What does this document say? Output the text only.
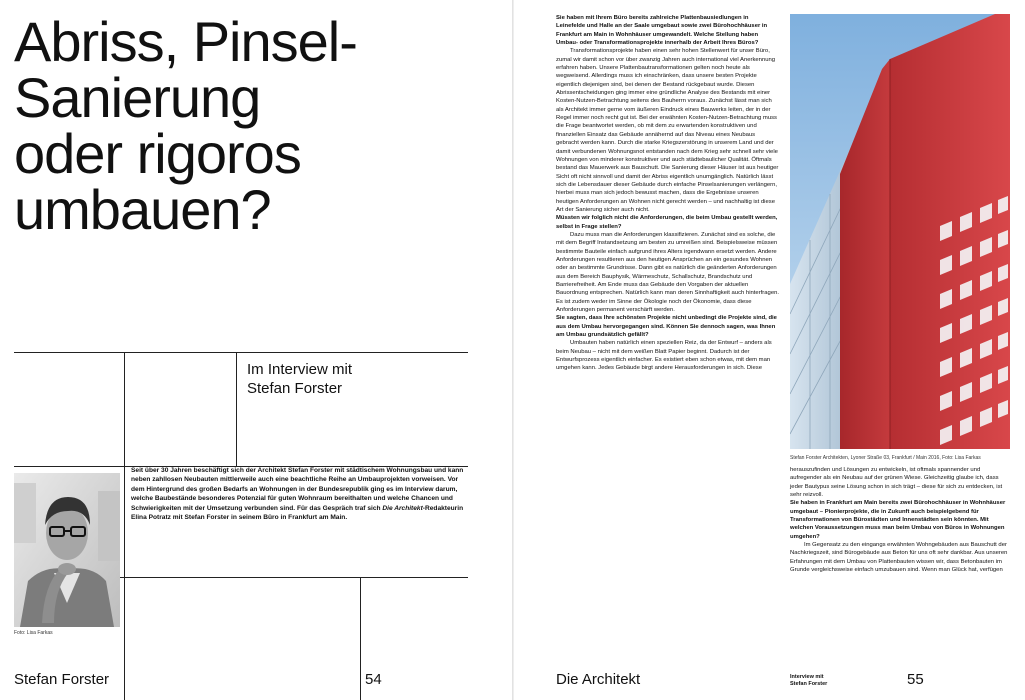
Abriss, Pinsel-
Sanierung
oder rigoros
umbauen?
Im Interview mit
Stefan Forster
Foto: Lisa Farkas

Seit über 30 Jahren beschäftigt sich der Architekt Stefan Forster mit städtischem Wohnungsbau und kann neben zahllosen Neubauten mittlerweile auch eine beachtliche Reihe an Umbauprojekten vorweisen. Vor dem Hintergrund des großen Bedarfs an Wohnungen in der Bundesrepublik ging es im Interview darum, welche Baubestände besonderes Potenzial für guten Wohnraum bereithalten und welche Chancen und Schwierigkeiten mit der Umsetzung verbunden sind. Für das Gespräch traf sich Die Architekt-Redakteurin Elina Potratz mit Stefan Forster in seinem Büro in Frankfurt am Main.

Stefan Forster	54

Sie haben mit Ihrem Büro bereits zahlreiche Plattenbausiedlungen in Leinefelde und Halle an der Saale umgebaut sowie zwei Bürohochhäuser in Frankfurt am Main in Wohnhäuser umgewandelt. Welche Stellung haben Umbau- oder Transformationsprojekte innerhalb der Arbeit Ihres Büros?

Transformationsprojekte haben einen sehr hohen Stellenwert für unser Büro, zumal wir damit schon vor über zwanzig Jahren auch international viel Anerkennung erfahren haben. Unsere Plattenbautransformationen gelten noch heute als wegweisend. Allerdings muss ich einschränken, dass unsere besten Projekte eigentlich diejenigen sind, bei denen der Bestand rückgebaut wurde. Diesen Abrissentscheidungen ging immer eine gründliche Analyse des Bestands mit einer Kosten-Nutzen-Betrachtung seitens des Bauherrn voraus. Zunächst lässt man sich als Architekt immer gerne vom äußeren Eindruck eines Bauwerks leiten, der in der Regel immer noch recht gut ist. Bei der erwähnten Kosten-Nutzen-Betrachtung muss die Frage beantwortet werden, ob mit dem zu erwartenden konstruktiven und finanziellen Einsatz das Gebäude annähernd auf das Niveau eines Neubaus gebracht werden kann. Durch die starke Kriegszerstörung in unserem Land und der damit verbundenen Wohnungsnot entstanden nach dem Krieg sehr schnell sehr viele Wohnungen von minderer konstruktiver und auch städtebaulicher Qualität. Öftmals bestand das Mauerwerk aus Bauschutt. Die Sanierung dieser Häuser ist aus heutiger Sicht oft nicht sinnvoll und damit der Abriss eigentlich unumgänglich. Natürlich lässt sich die Lebensdauer dieser Gebäude durch einfache Pinselsanierungen verlängern, hierbei muss man sich jedoch bewusst machen, dass die Ergebnisse unseren heutigen Anforderungen an Wohnen nicht gerecht werden – und nachhaltig ist diese Art der Sanierung sicher auch nicht.

Müssten wir folglich nicht die Anforderungen, die beim Umbau gestellt werden, selbst in Frage stellen?

Dazu muss man die Anforderungen klassifizieren. Zunächst sind es solche, die mit dem Begriff Instandsetzung am besten zu umreißen sind. Beispielsweise müssen bestimmte Bauteile einfach aufgrund ihres Alters irgendwann ersetzt werden. Andere Anforderungen resultieren aus den heutigen Ansprüchen an ein gesundes Wohnen oder an bestimmte Grundrisse. Dann gibt es natürlich die geänderten Anforderungen aus dem Bereich Bauphysik, Wärmeschutz, Schallschutz, Brandschutz und Barrierefreiheit. Am Ende muss das Gebäude den Vorgaben der aktuellen Bauordnung entsprechen. Natürlich kann man deren Sinnhaftigkeit auch hinterfragen. Es ist zudem weder im Sinne der Ökologie noch der Ökonomie, dass diese Anforderungen permanent verschärft werden.

Sie sagten, dass Ihre schönsten Projekte nicht unbedingt die Projekte sind, die aus dem Umbau hervorgegangen sind. Können Sie dennoch sagen, was Ihnen am Umbau grundsätzlich gefällt?

Umbauten haben natürlich einen speziellen Reiz, da der Entwurf – anders als beim Neubau – nicht mit dem weißen Blatt Papier beginnt. Dadurch ist der Entwurfsprozess eigentlich einfacher. Es existiert eben schon etwas, mit dem man umgehen kann. Jedes Gebäude birgt andere Herausforderungen in sich. Diese

herauszufinden und Lösungen zu entwickeln, ist oftmals spannender und aufregender als ein Neubau auf der grünen Wiese. Gleichzeitig glaube ich, dass jeder Bautypus seine Lösung schon in sich trägt – diese für sich zu entdecken, ist sehr reizvoll.

Sie haben in Frankfurt am Main bereits zwei Bürohochhäuser in Wohnhäuser umgebaut – Pionierprojekte, die in Zukunft auch beispielgebend für Transformationen von Bürostädten und Innenstädten sein könnten. Mit welchen Voraussetzungen muss man beim Umbau von Büros in Wohnungen umgehen?

Im Gegensatz zu den eingangs erwähnten Wohngebäuden aus Bauschutt der Nachkriegszeit, sind Bürogebäude aus Beton für uns oft sehr dankbar. Aus unseren Erfahrungen mit dem Umbau von Plattenbauten wissen wir, dass Betonbauten im Grunde vergleichsweise einfach umzubauen sind. Wenn man Glück hat, verfügen

Stefan Forster Architekten, Lyoner Straße 03, Frankfurt / Main 2016, Foto: Lisa Farkas
Die Architekt	Interview mit
Stefan Forster	55
